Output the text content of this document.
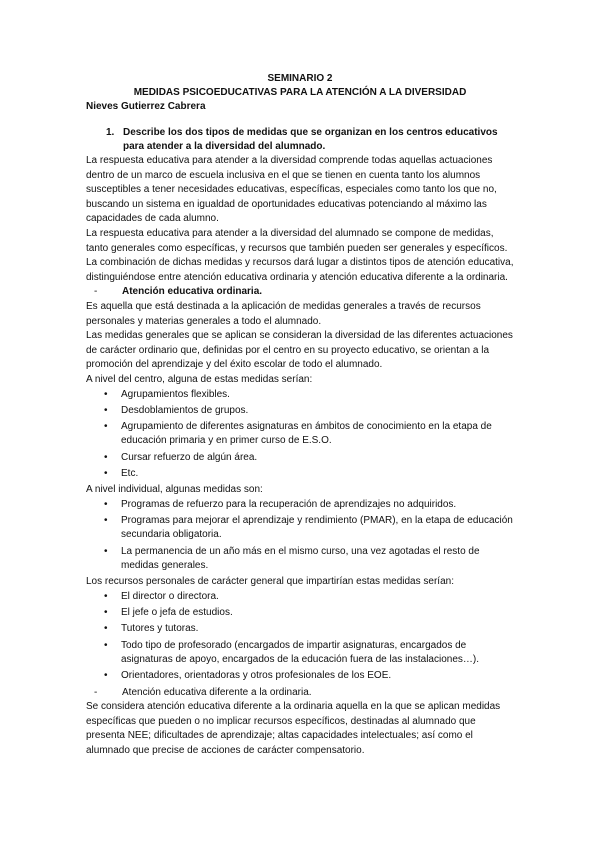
SEMINARIO 2
MEDIDAS PSICOEDUCATIVAS PARA LA ATENCIÓN A LA DIVERSIDAD
Nieves Gutierrez Cabrera
1. Describe los dos tipos de medidas que se organizan en los centros educativos para atender a la diversidad del alumnado.

La respuesta educativa para atender a la diversidad comprende todas aquellas actuaciones dentro de un marco de escuela inclusiva en el que se tienen en cuenta tanto los alumnos susceptibles a tener necesidades educativas, específicas, especiales como tanto los que no, buscando un sistema en igualdad de oportunidades educativas potenciando al máximo las capacidades de cada alumno.

La respuesta educativa para atender a la diversidad del alumnado se compone de medidas, tanto generales como específicas, y recursos que también pueden ser generales y específicos. La combinación de dichas medidas y recursos dará lugar a distintos tipos de atención educativa, distinguiéndose entre atención educativa ordinaria y atención educativa diferente a la ordinaria.

-	Atención educativa ordinaria.

Es aquella que está destinada a la aplicación de medidas generales a través de recursos personales y materias generales a todo el alumnado.

Las medidas generales que se aplican se consideran la diversidad de las diferentes actuaciones de carácter ordinario que, definidas por el centro en su proyecto educativo, se orientan a la promoción del aprendizaje y del éxito escolar de todo el alumnado.

A nivel del centro, alguna de estas medidas serían:

•	Agrupamientos flexibles.
•	Desdoblamientos de grupos.
•	Agrupamiento de diferentes asignaturas en ámbitos de conocimiento en la etapa de educación primaria y en primer curso de E.S.O.
•	Cursar refuerzo de algún área.
•	Etc.

A nivel individual, algunas medidas son:

•	Programas de refuerzo para la recuperación de aprendizajes no adquiridos.
•	Programas para mejorar el aprendizaje y rendimiento (PMAR), en la etapa de educación secundaria obligatoria.
•	La permanencia de un año más en el mismo curso, una vez agotadas el resto de medidas generales.

Los recursos personales de carácter general que impartirían estas medidas serían:

•	El director o directora.
•	El jefe o jefa de estudios.
•	Tutores y tutoras.
•	Todo tipo de profesorado (encargados de impartir asignaturas, encargados de asignaturas de apoyo, encargados de la educación fuera de las instalaciones…).
•	Orientadores, orientadoras y otros profesionales de los EOE.
-	Atención educativa diferente a la ordinaria.

Se considera atención educativa diferente a la ordinaria aquella en la que se aplican medidas específicas que pueden o no implicar recursos específicos, destinadas al alumnado que presenta NEE; dificultades de aprendizaje; altas capacidades intelectuales; así como el alumnado que precise de acciones de carácter compensatorio.
